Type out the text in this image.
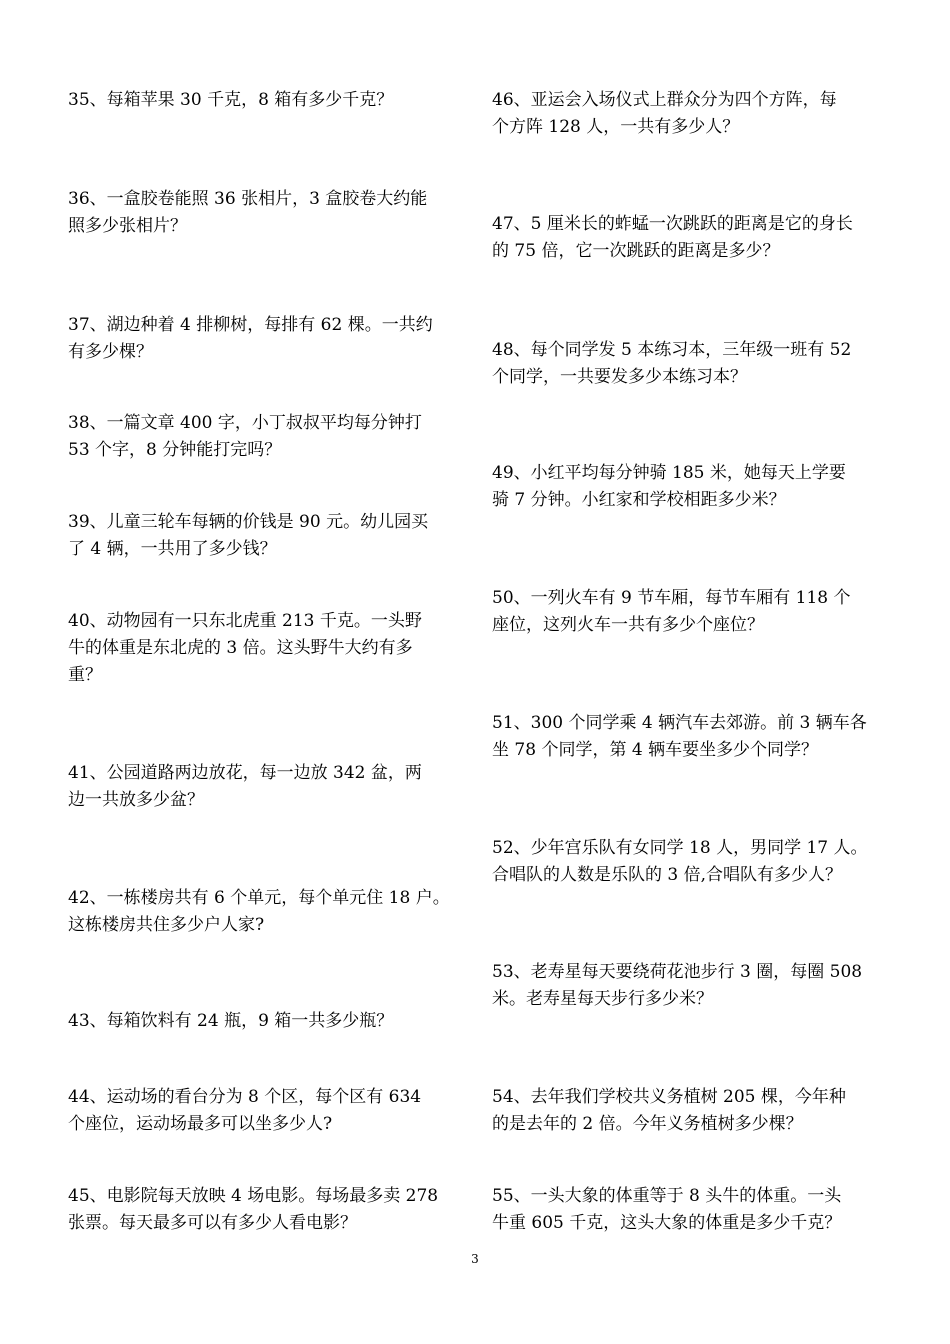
35、每箱苹果 30 千克，8 箱有多少千克？
36、一盒胶卷能照 36 张相片，3 盒胶卷大约能
照多少张相片？
37、湖边种着 4 排柳树，每排有 62 棵。一共约
有多少棵？
38、一篇文章 400 字，小丁叔叔平均每分钟打
53 个字，8 分钟能打完吗？
39、儿童三轮车每辆的价钱是 90 元。幼儿园买
了 4 辆，一共用了多少钱？
40、动物园有一只东北虎重 213 千克。一头野
牛的体重是东北虎的 3 倍。这头野牛大约有多
重？
41、公园道路两边放花，每一边放 342 盆，两
边一共放多少盆？
42、一栋楼房共有 6 个单元，每个单元住 18 户。
这栋楼房共住多少户人家?
43、每箱饮料有 24 瓶，9 箱一共多少瓶？
44、运动场的看台分为 8 个区，每个区有 634
个座位，运动场最多可以坐多少人?
45、电影院每天放映 4 场电影。每场最多卖 278
张票。每天最多可以有多少人看电影？
46、亚运会入场仪式上群众分为四个方阵，每
个方阵 128 人，一共有多少人？
47、5 厘米长的蚱蜢一次跳跃的距离是它的身长
的 75 倍，它一次跳跃的距离是多少？
48、每个同学发 5 本练习本，三年级一班有 52
个同学，一共要发多少本练习本？
49、小红平均每分钟骑 185 米，她每天上学要
骑 7 分钟。小红家和学校相距多少米？
50、一列火车有 9 节车厢，每节车厢有 118 个
座位，这列火车一共有多少个座位？
51、300 个同学乘 4 辆汽车去郊游。前 3 辆车各
坐 78 个同学，第 4 辆车要坐多少个同学？
52、少年宫乐队有女同学 18 人，男同学 17 人。
合唱队的人数是乐队的 3 倍,合唱队有多少人？
53、老寿星每天要绕荷花池步行 3 圈，每圈 508
米。老寿星每天步行多少米？
54、去年我们学校共义务植树 205 棵，今年种
的是去年的 2 倍。今年义务植树多少棵？
55、一头大象的体重等于 8 头牛的体重。一头
牛重 605 千克，这头大象的体重是多少千克？
3
